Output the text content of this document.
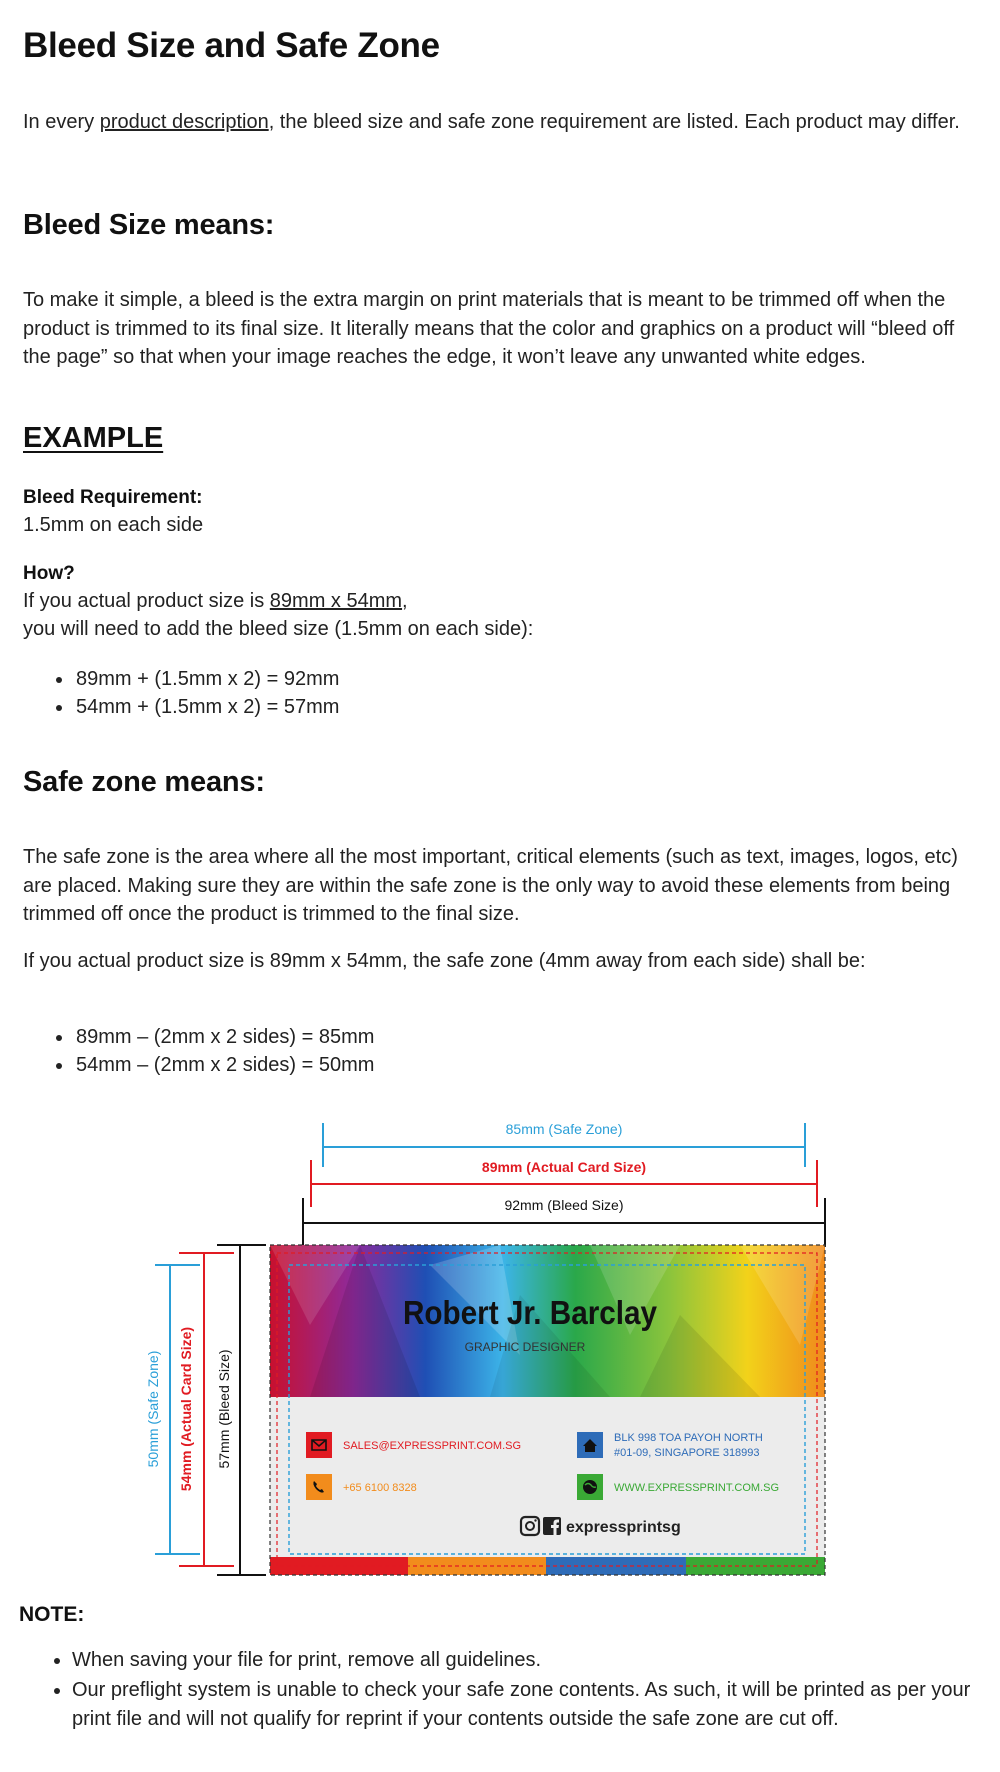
Bleed Size and Safe Zone

In every product description, the bleed size and safe zone requirement are listed. Each product may differ.

Bleed Size means:

To make it simple, a bleed is the extra margin on print materials that is meant to be trimmed off when the product is trimmed to its final size. It literally means that the color and graphics on a product will “bleed off the page” so that when your image reaches the edge, it won’t leave any unwanted white edges.

EXAMPLE
Bleed Requirement:
1.5mm on each side
How?
If you actual product size is 89mm x 54mm,
you will need to add the bleed size (1.5mm on each side):
• 89mm + (1.5mm x 2) = 92mm
• 54mm + (1.5mm x 2) = 57mm
Safe zone means:

The safe zone is the area where all the most important, critical elements (such as text, images, logos, etc) are placed. Making sure they are within the safe zone is the only way to avoid these elements from being trimmed off once the product is trimmed to the final size.

If you actual product size is 89mm x 54mm, the safe zone (4mm away from each side) shall be:

• 89mm – (2mm x 2 sides) = 85mm
• 54mm – (2mm x 2 sides) = 50mm
85mm (Safe Zone)
89mm (Actual Card Size)
92mm (Bleed Size)
50mm (Safe Zone) 54mm (Actual Card Size) 57mm (Bleed Size)
Robert Jr. Barclay
GRAPHIC DESIGNER
SALES@EXPRESSPRINT.COM.SG
+65 6100 8328
BLK 998 TOA PAYOH NORTH
#01-09, SINGAPORE 318993
WWW.EXPRESSPRINT.COM.SG
expressprintsg
NOTE:
• When saving your file for print, remove all guidelines.
• Our preflight system is unable to check your safe zone contents. As such, it will be printed as per your print file and will not qualify for reprint if your contents outside the safe zone are cut off.
